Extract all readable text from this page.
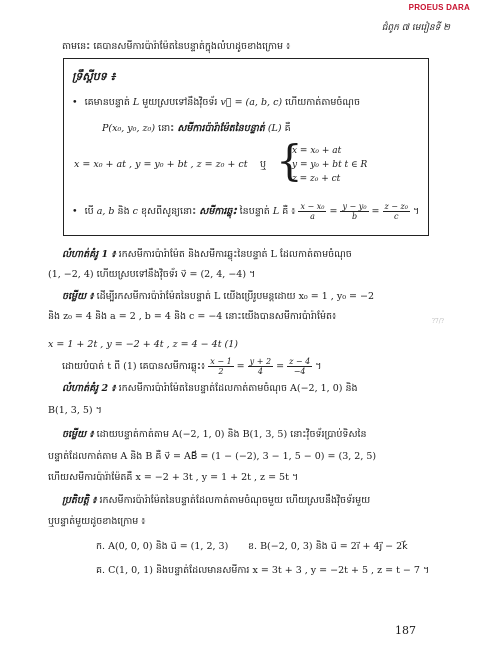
PROEUS DARA
ជំពូក ៧ មេរៀនទី ២
តាមនេះ គេបានសមីការប៉ារ៉ាម៉ែតនៃបន្ទាត់ក្នុងលំហដូចខាងក្រោម ៖
ទ្រឹស្តីបទ ៖
• គេមានបន្ទាត់ L មួយស្របទៅនឹងវ៉ិចទ័រ v⃗ = (a, b, c) ហើយកាត់តាមចំណុច
P(x₀, y₀, z₀) នោះ សមីការប៉ារ៉ាម៉ែតនៃបន្ទាត់ (L) គឺ
x = x₀ + at , y = y₀ + bt , z = z₀ + ct ឬ {
x = x₀ + at
y = y₀ + bt t ∈ R
z = z₀ + ct
• បើ a, b និង c ខុសពីសូន្យនោះ សមីការឆ្លុះ នៃបន្ទាត់ L គឺ ៖ $\frac{\text{x − x₀}}{a} = \frac{\text{y − y₀}}{b} = \frac{\text{z − z₀}}{c}$ ។
លំហាត់គំរូ 1 ៖ រកសមីការប៉ារ៉ាម៉ែត និងសមីការឆ្លុះនៃបន្ទាត់ L ដែលកាត់តាមចំណុច
(1, −2, 4) ហើយស្របទៅនឹងវ៉ិចទ័រ v⃗ = (2, 4, −4) ។
ចម្លើយ ៖ ដើម្បីរកសមីការប៉ារ៉ាម៉ែតនៃបន្ទាត់ L យើងប្រើរូបមន្តដោយ x₀ = 1 , y₀ = −2
និង z₀ = 4 និង a = 2 , b = 4 និង c = −4 នោះយើងបានសមីការប៉ារ៉ាម៉ែត៖
x = 1 + 2t , y = −2 + 4t , z = 4 − 4t (1)
ដោយបំបាត់ t ពី (1) គេបានសមីការឆ្លុះ៖ $\frac{x - 1}{2} = \frac{y + 2}{4} = \frac{z - 4}{-4}$ ។
លំហាត់គំរូ 2 ៖ រកសមីការប៉ារ៉ាម៉ែតនៃបន្ទាត់ដែលកាត់តាមចំណុច A(−2, 1, 0) និង
B(1, 3, 5) ។
ចម្លើយ ៖ ដោយបន្ទាត់កាត់តាម A(−2, 1, 0) និង B(1, 3, 5) នោះវ៉ិចទ័រប្រាប់ទិសនៃ
បន្ទាត់ដែលកាត់តាម A និង B គឺ v⃗ = AB⃗ = (1 − (−2), 3 − 1, 5 − 0) = (3, 2, 5)
ហើយសមីការប៉ារ៉ាម៉ែតគឺ x = −2 + 3t , y = 1 + 2t , z = 5t ។
ប្រតិបត្តិ ៖ រកសមីការប៉ារ៉ាម៉ែតនៃបន្ទាត់ដែលកាត់តាមចំណុចមួយ ហើយស្របនឹងវ៉ិចទ័រមួយ
ឬបន្ទាត់មួយដូចខាងក្រោម ៖
ក. A(0, 0, 0) និង u⃗ = (1, 2, 3) ខ. B(−2, 0, 3) និង u⃗ = 2i⃗ + 4j⃗ − 2k⃗
គ. C(1, 0, 1) និងបន្ទាត់ដែលមានសមីការ x = 3t + 3 , y = −2t + 5 , z = t − 7 ។
?7/?
187
